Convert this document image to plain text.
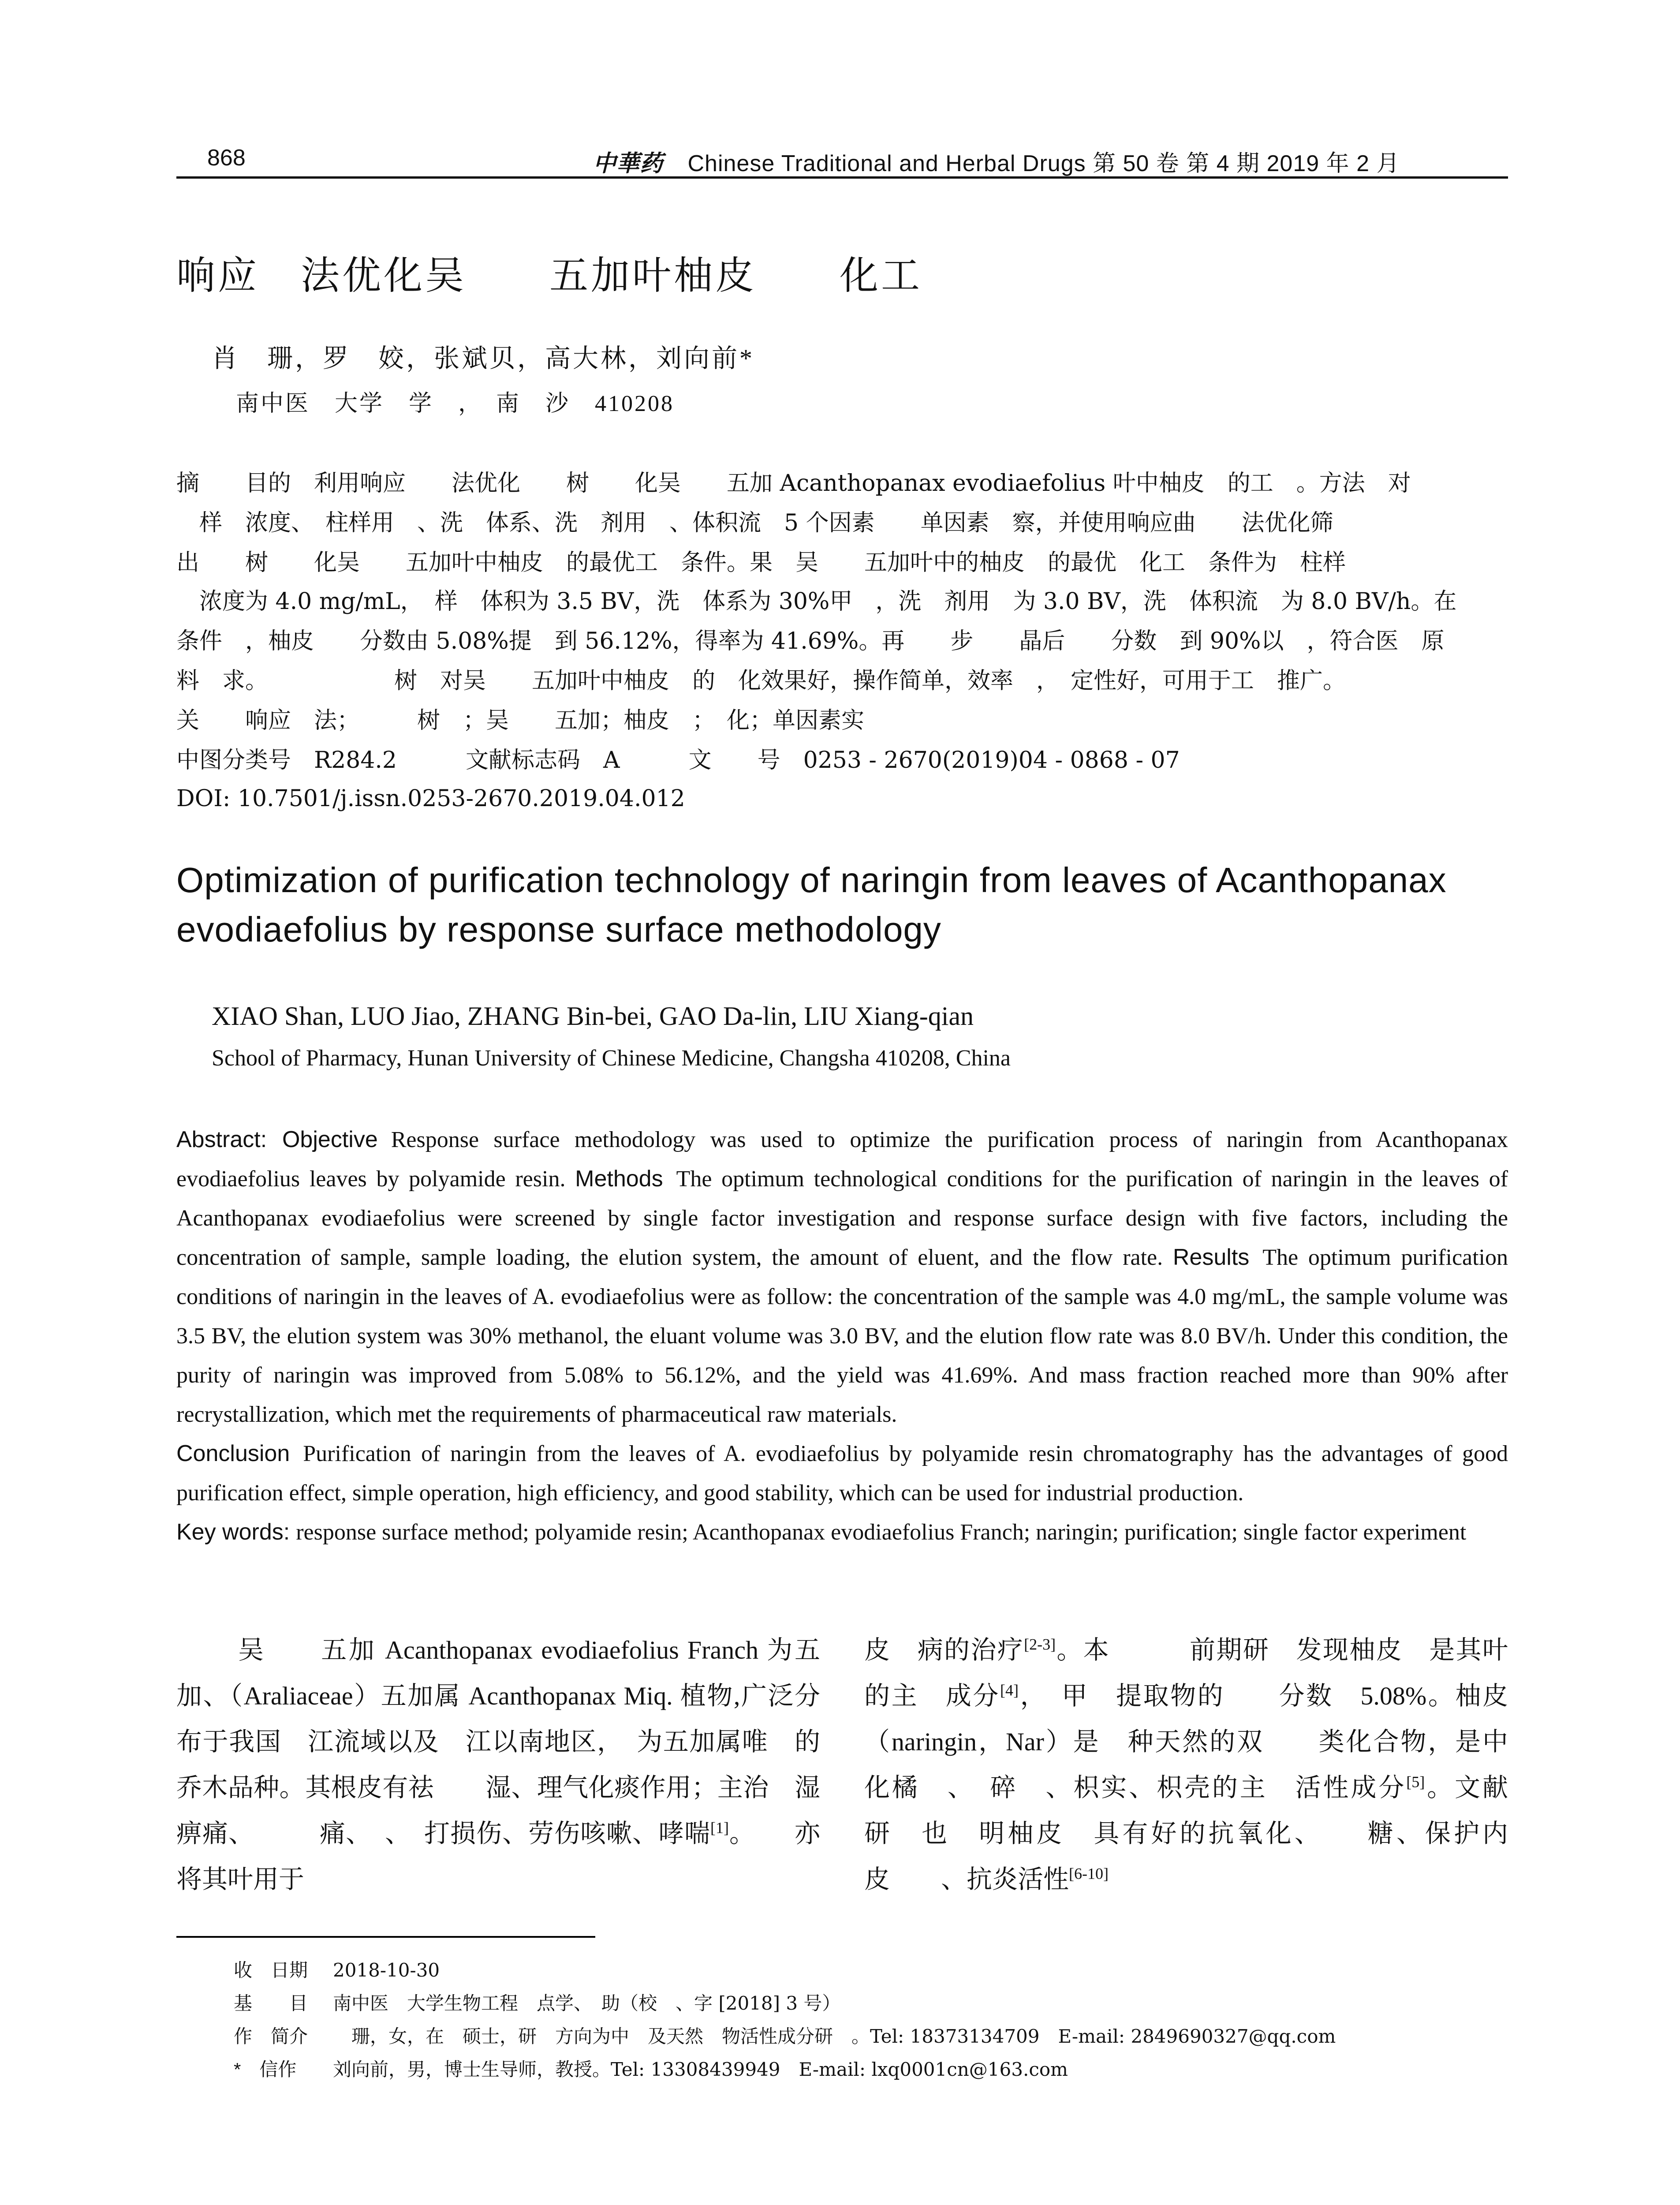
868	中華药 Chinese Traditional and Herbal Drugs 第 50 卷 第 4 期 2019 年 2 月
响应　法优化吴　　五加叶柚皮　　化工
肖　珊，罗　姣，张斌贝，高大林，刘向前*
南中医　大学　学　，　南　沙　410208
摘　　目的　利用响应　　法优化　　树　　化吴　　五加 Acanthopanax evodiaefolius 叶中柚皮　的工　。方法　对
　样　浓度、　柱样用　、洗　体系、洗　剂用　、体积流　5 个因素　　单因素　察，并使用响应曲　　法优化筛
出　　树　　化吴　　五加叶中柚皮　的最优工　条件。果　吴　　五加叶中的柚皮　的最优　化工　条件为　柱样
　浓度为 4.0 mg/mL，　样　体积为 3.5 BV，洗　体系为 30%甲　，洗　剂用　为 3.0 BV，洗　体积流　为 8.0 BV/h。在
条件　，柚皮　　分数由 5.08%提　到 56.12%，得率为 41.69%。再　　步　　晶后　　分数　到 90%以　，符合医　原
料　求。　　　　　　树　对吴　　五加叶中柚皮　的　化效果好，操作简单，效率　，　定性好，可用于工　推广。
关　　响应　法；　　　树　；吴　　五加；柚皮　；　化；单因素实
中图分类号　R284.2　　　文献标志码　A　　　文　　号　0253 - 2670(2019)04 - 0868 - 07
DOI: 10.7501/j.issn.0253-2670.2019.04.012
Optimization of purification technology of naringin from leaves of Acanthopanax evodiaefolius by response surface methodology
XIAO Shan, LUO Jiao, ZHANG Bin-bei, GAO Da-lin, LIU Xiang-qian
School of Pharmacy, Hunan University of Chinese Medicine, Changsha 410208, China
Abstract: Objective Response surface methodology was used to optimize the purification process of naringin from Acanthopanax evodiaefolius leaves by polyamide resin. Methods The optimum technological conditions for the purification of naringin in the leaves of Acanthopanax evodiaefolius were screened by single factor investigation and response surface design with five factors, including the concentration of sample, sample loading, the elution system, the amount of eluent, and the flow rate. Results The optimum purification conditions of naringin in the leaves of A. evodiaefolius were as follow: the concentration of the sample was 4.0 mg/mL, the sample volume was 3.5 BV, the elution system was 30% methanol, the eluant volume was 3.0 BV, and the elution flow rate was 8.0 BV/h. Under this condition, the purity of naringin was improved from 5.08% to 56.12%, and the yield was 41.69%. And mass fraction reached more than 90% after recrystallization, which met the requirements of pharmaceutical raw materials.
Conclusion Purification of naringin from the leaves of A. evodiaefolius by polyamide resin chromatography has the advantages of good purification effect, simple operation, high efficiency, and good stability, which can be used for industrial production.
Key words: response surface method; polyamide resin; Acanthopanax evodiaefolius Franch; naringin; purification; single factor experiment
吴　　五加 Acanthopanax evodiaefolius Franch 为五加、（Araliaceae）五加属 Acanthopanax Miq. 植物,广泛分布于我国　江流域以及　江以南地区，　为五加属唯　的乔木品种。其根皮有祛　　湿、理气化痰作用；主治　湿痹痛、　　　痛、　、　打损伤、劳伤咳嗽、哮喘[1]。　　亦将其叶用于
皮　病的治疗[2-3]。本　　　前期研　发现柚皮　是其叶的主　成分[4]，　甲　提取物的　　分数　5.08%。柚皮　（naringin，Nar）是　种天然的双　　类化合物，是中　化橘　、　碎　、枳实、枳壳的主　活性成分[5]。文献　研　也　明柚皮　具有好的抗氧化、　　糖、保护内皮　　、抗炎活性[6-10]
收　日期 2018-10-30
基　　目 南中医　大学生物工程　点学、　助（校　、字 [2018] 3 号）
作　简介　珊，女，在　硕士，研　方向为中　及天然　物活性成分研　。Tel: 18373134709　E-mail: 2849690327@qq.com
*　信作 刘向前，男，博士生导师，教授。Tel: 13308439949　E-mail: lxq0001cn@163.com
